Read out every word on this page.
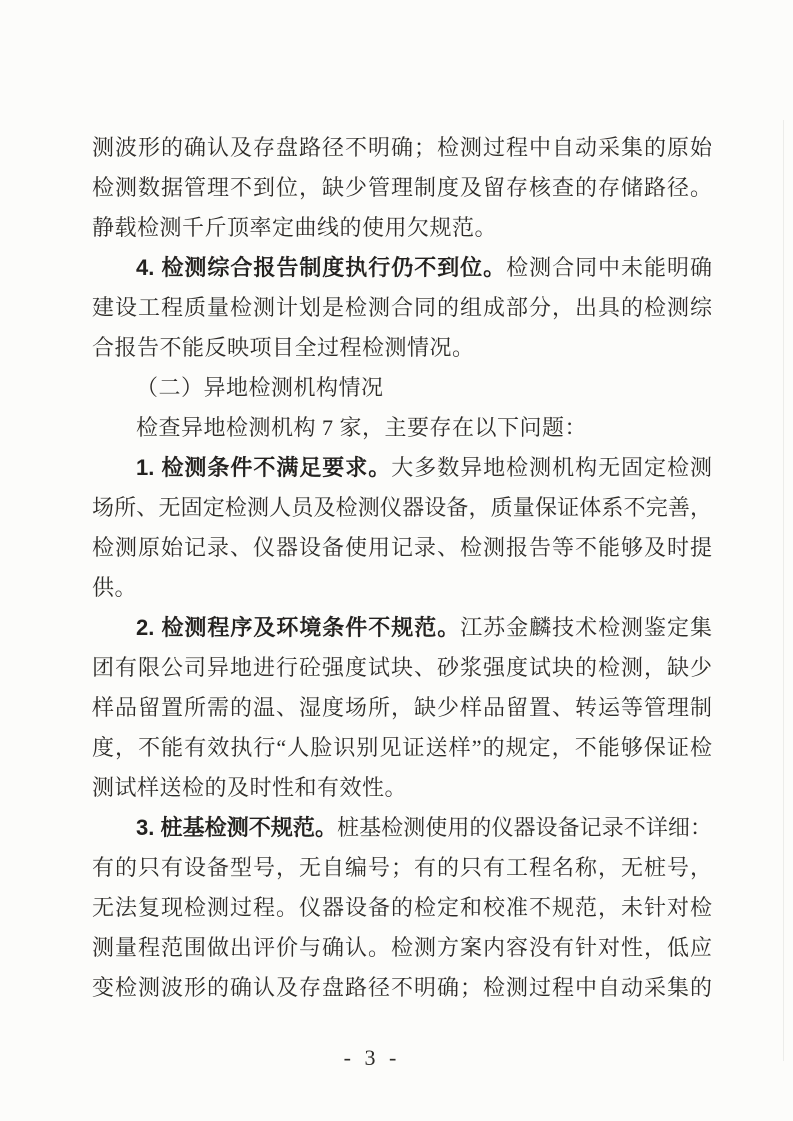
测波形的确认及存盘路径不明确；检测过程中自动采集的原始
检测数据管理不到位，缺少管理制度及留存核查的存储路径。
静载检测千斤顶率定曲线的使用欠规范。
4. 检测综合报告制度执行仍不到位。检测合同中未能明确
建设工程质量检测计划是检测合同的组成部分，出具的检测综
合报告不能反映项目全过程检测情况。
（二）异地检测机构情况
检查异地检测机构 7 家，主要存在以下问题：
1. 检测条件不满足要求。大多数异地检测机构无固定检测
场所、无固定检测人员及检测仪器设备，质量保证体系不完善，
检测原始记录、仪器设备使用记录、检测报告等不能够及时提
供。
2. 检测程序及环境条件不规范。江苏金麟技术检测鉴定集
团有限公司异地进行砼强度试块、砂浆强度试块的检测，缺少
样品留置所需的温、湿度场所，缺少样品留置、转运等管理制
度，不能有效执行“人脸识别见证送样”的规定，不能够保证检
测试样送检的及时性和有效性。
3. 桩基检测不规范。桩基检测使用的仪器设备记录不详细：
有的只有设备型号，无自编号；有的只有工程名称，无桩号，
无法复现检测过程。仪器设备的检定和校准不规范，未针对检
测量程范围做出评价与确认。检测方案内容没有针对性，低应
变检测波形的确认及存盘路径不明确；检测过程中自动采集的
- 3 -
